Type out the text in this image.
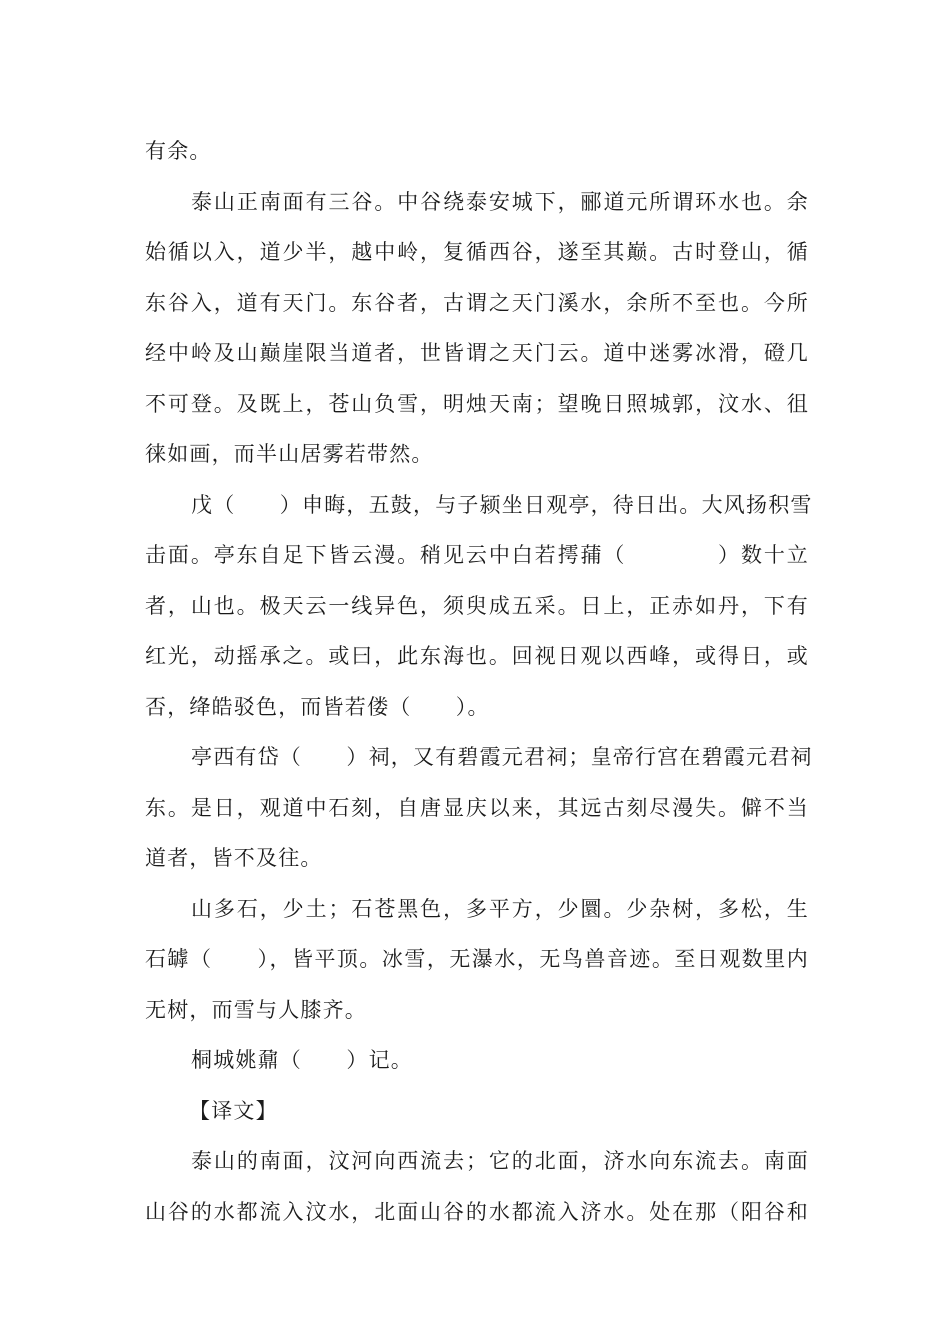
有余。
泰山正南面有三谷。中谷绕泰安城下，郦道元所谓环水也。余
始循以入，道少半，越中岭，复循西谷，遂至其巅。古时登山，循
东谷入，道有天门。东谷者，古谓之天门溪水，余所不至也。今所
经中岭及山巅崖限当道者，世皆谓之天门云。道中迷雾冰滑，磴几
不可登。及既上，苍山负雪，明烛天南；望晚日照城郭，汶水、徂
徕如画，而半山居雾若带然。
戊（　　）申晦，五鼓，与子颍坐日观亭，待日出。大风扬积雪
击面。亭东自足下皆云漫。稍见云中白若摴蒱（　　　　）数十立
者，山也。极天云一线异色，须臾成五采。日上，正赤如丹，下有
红光，动摇承之。或曰，此东海也。回视日观以西峰，或得日，或
否，绛皓驳色，而皆若偻（　　）。
亭西有岱（　　）祠，又有碧霞元君祠；皇帝行宫在碧霞元君祠
东。是日，观道中石刻，自唐显庆以来，其远古刻尽漫失。僻不当
道者，皆不及往。
山多石，少土；石苍黑色，多平方，少圜。少杂树，多松，生
石罅（　　），皆平顶。冰雪，无瀑水，无鸟兽音迹。至日观数里内
无树，而雪与人膝齐。
桐城姚鼐（　　）记。
【译文】
泰山的南面，汶河向西流去；它的北面，济水向东流去。南面
山谷的水都流入汶水，北面山谷的水都流入济水。处在那（阳谷和
